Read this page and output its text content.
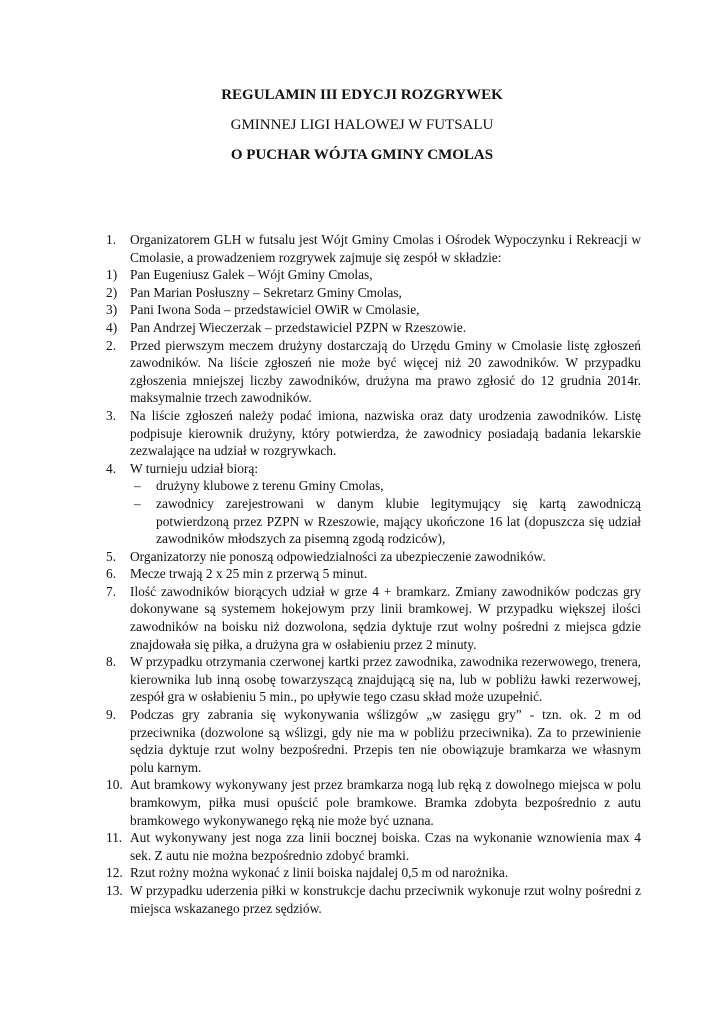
REGULAMIN III EDYCJI ROZGRYWEK
GMINNEJ LIGI HALOWEJ W FUTSALU
O PUCHAR WÓJTA GMINY CMOLAS
1.	Organizatorem GLH w futsalu jest Wójt Gminy Cmolas i Ośrodek Wypoczynku i Rekreacji w Cmolasie, a prowadzeniem rozgrywek zajmuje się zespół w składzie:
1) Pan Eugeniusz Galek – Wójt Gminy Cmolas,
2) Pan Marian Posłuszny – Sekretarz Gminy Cmolas,
3) Pani Iwona Soda – przedstawiciel OWiR w Cmolasie,
4) Pan Andrzej Wieczerzak – przedstawiciel PZPN w Rzeszowie.
2.	Przed pierwszym meczem drużyny dostarczają do Urzędu Gminy w Cmolasie listę zgłoszeń zawodników. Na liście zgłoszeń nie może być więcej niż 20 zawodników. W przypadku zgłoszenia mniejszej liczby zawodników, drużyna ma prawo zgłosić do 12 grudnia 2014r. maksymalnie trzech zawodników.
3.	Na liście zgłoszeń należy podać imiona, nazwiska oraz daty urodzenia zawodników. Listę podpisuje kierownik drużyny, który potwierdza, że zawodnicy posiadają badania lekarskie zezwalające na udział w rozgrywkach.
4.	W turnieju udział biorą:
–	drużyny klubowe z terenu Gminy Cmolas,
–	zawodnicy zarejestrowani w danym klubie legitymujący się kartą zawodniczą potwierdzoną przez PZPN w Rzeszowie, mający ukończone 16 lat (dopuszcza się udział zawodników młodszych za pisemną zgodą rodziców),
5.	Organizatorzy nie ponoszą odpowiedzialności za ubezpieczenie zawodników.
6.	Mecze trwają 2 x 25 min z przerwą 5 minut.
7.	Ilość zawodników biorących udział w grze 4 + bramkarz. Zmiany zawodników podczas gry dokonywane są systemem hokejowym przy linii bramkowej. W przypadku większej ilości zawodników na boisku niż dozwolona, sędzia dyktuje rzut wolny pośredni z miejsca gdzie znajdowała się piłka, a drużyna gra w osłabieniu przez 2 minuty.
8.	W przypadku otrzymania czerwonej kartki przez zawodnika, zawodnika rezerwowego, trenera, kierownika lub inną osobę towarzyszącą znajdującą się na, lub w pobliżu ławki rezerwowej, zespół gra w osłabieniu 5 min., po upływie tego czasu skład może uzupełnić.
9.	Podczas gry zabrania się wykonywania wślizgów „w zasięgu gry” - tzn. ok. 2 m od przeciwnika (dozwolone są wślizgi, gdy nie ma w pobliżu przeciwnika). Za to przewinienie sędzia dyktuje rzut wolny bezpośredni. Przepis ten nie obowiązuje bramkarza we własnym polu karnym.
10. Aut bramkowy wykonywany jest przez bramkarza nogą lub ręką z dowolnego miejsca w polu bramkowym, piłka musi opuścić pole bramkowe. Bramka zdobyta bezpośrednio z autu bramkowego wykonywanego ręką nie może być uznana.
11. Aut wykonywany jest noga zza linii bocznej boiska. Czas na wykonanie wznowienia max 4 sek. Z autu nie można bezpośrednio zdobyć bramki.
12. Rzut rożny można wykonać z linii boiska najdalej 0,5 m od narożnika.
13. W przypadku uderzenia piłki w konstrukcje dachu przeciwnik wykonuje rzut wolny pośredni z miejsca wskazanego przez sędziów.
